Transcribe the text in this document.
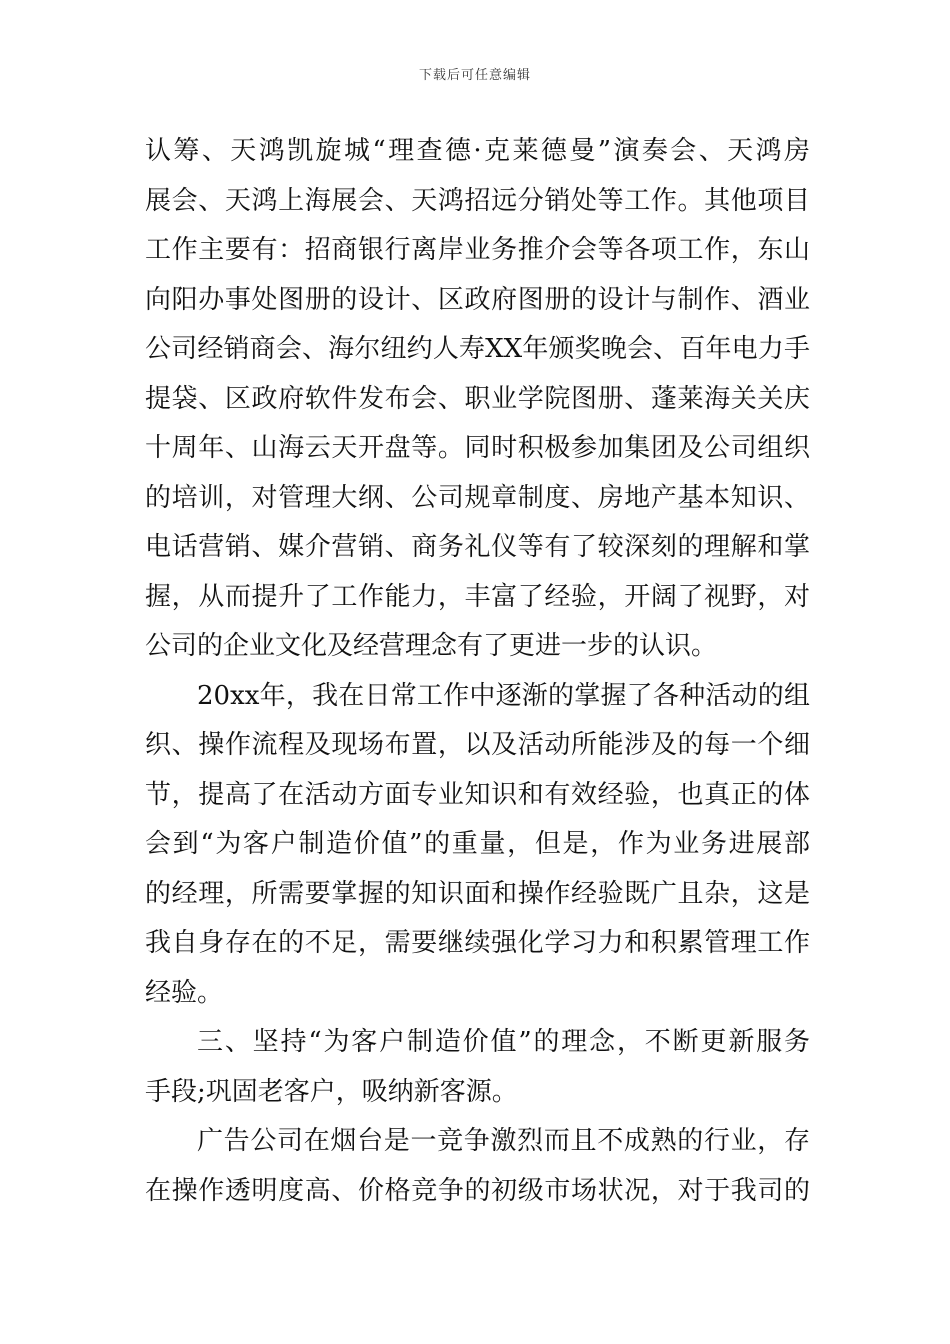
下载后可任意编辑
认筹、天鸿凯旋城“理查德·克莱德曼”演奏会、天鸿房
展会、天鸿上海展会、天鸿招远分销处等工作。其他项目
工作主要有：招商银行离岸业务推介会等各项工作，东山
向阳办事处图册的设计、区政府图册的设计与制作、酒业
公司经销商会、海尔纽约人寿XX年颁奖晚会、百年电力手
提袋、区政府软件发布会、职业学院图册、蓬莱海关关庆
十周年、山海云天开盘等。同时积极参加集团及公司组织
的培训，对管理大纲、公司规章制度、房地产基本知识、
电话营销、媒介营销、商务礼仪等有了较深刻的理解和掌
握，从而提升了工作能力，丰富了经验，开阔了视野，对
公司的企业文化及经营理念有了更进一步的认识。
20xx年，我在日常工作中逐渐的掌握了各种活动的组
织、操作流程及现场布置，以及活动所能涉及的每一个细
节，提高了在活动方面专业知识和有效经验，也真正的体
会到“为客户制造价值”的重量，但是，作为业务进展部
的经理，所需要掌握的知识面和操作经验既广且杂，这是
我自身存在的不足，需要继续强化学习力和积累管理工作
经验。
三、坚持“为客户制造价值”的理念，不断更新服务
手段;巩固老客户，吸纳新客源。
广告公司在烟台是一竞争激烈而且不成熟的行业，存
在操作透明度高、价格竞争的初级市场状况，对于我司的
